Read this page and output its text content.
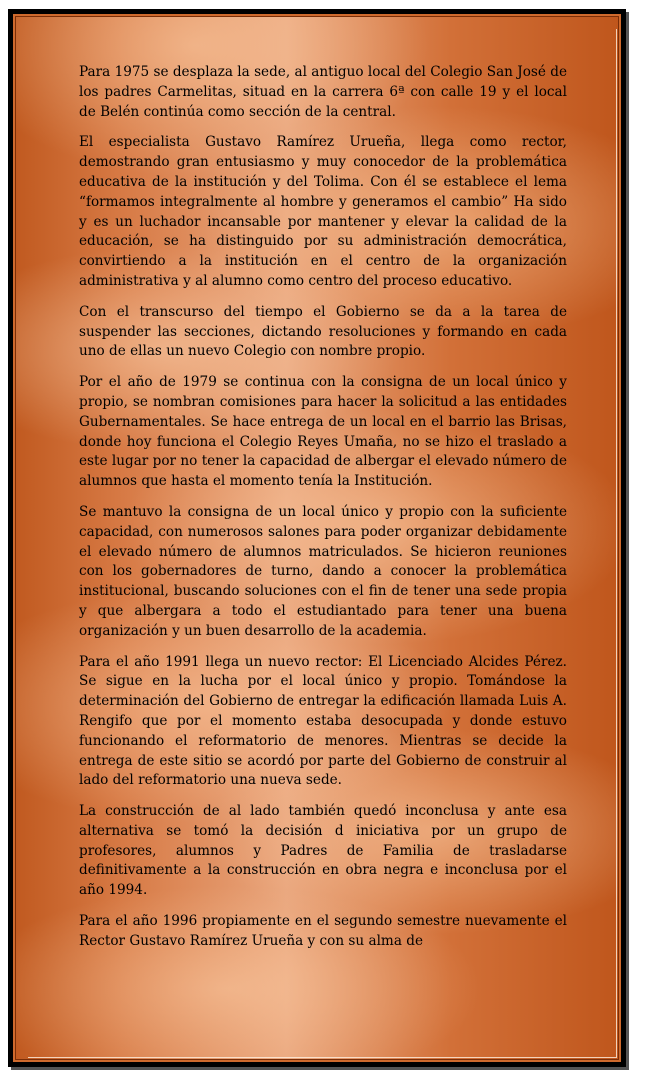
Para 1975 se desplaza la sede, al antiguo local del Colegio San José de los padres Carmelitas, situad en la carrera 6ª con calle 19 y el local de Belén continúa como sección de la central.

El especialista Gustavo Ramírez Urueña, llega como rector, demostrando gran entusiasmo y muy conocedor de la problemática educativa de la institución y del Tolima. Con él se establece el lema “formamos integralmente al hombre y generamos el cambio” Ha sido y es un luchador incansable por mantener y elevar la calidad de la educación, se ha distinguido por su administración democrática, convirtiendo a la institución en el centro de la organización administrativa y al alumno como centro del proceso educativo.

Con el transcurso del tiempo el Gobierno se da a la tarea de suspender las secciones, dictando resoluciones y formando en cada uno de ellas un nuevo Colegio con nombre propio.

Por el año de 1979 se continua con la consigna de un local único y propio, se nombran comisiones para hacer la solicitud a las entidades Gubernamentales. Se hace entrega de un local en el barrio las Brisas, donde hoy funciona el Colegio Reyes Umaña, no se hizo el traslado a este lugar por no tener la capacidad de albergar el elevado número de alumnos que hasta el momento tenía la Institución.

Se mantuvo la consigna de un local único y propio con la suficiente capacidad, con numerosos salones para poder organizar debidamente el elevado número de alumnos matriculados. Se hicieron reuniones con los gobernadores de turno, dando a conocer la problemática institucional, buscando soluciones con el fin de tener una sede propia y que albergara a todo el estudiantado para tener una buena organización y un buen desarrollo de la academia.

Para el año 1991 llega un nuevo rector: El Licenciado Alcides Pérez. Se sigue en la lucha por el local único y propio. Tomándose la determinación del Gobierno de entregar la edificación llamada Luis A. Rengifo que por el momento estaba desocupada y donde estuvo funcionando el reformatorio de menores. Mientras se decide la entrega de este sitio se acordó por parte del Gobierno de construir al lado del reformatorio una nueva sede.

La construcción de al lado también quedó inconclusa y ante esa alternativa se tomó la decisión d iniciativa por un grupo de profesores, alumnos y Padres de Familia de trasladarse definitivamente a la construcción en obra negra e inconclusa por el año 1994.

Para el año 1996 propiamente en el segundo semestre nuevamente el Rector Gustavo Ramírez Urueña y con su alma de
